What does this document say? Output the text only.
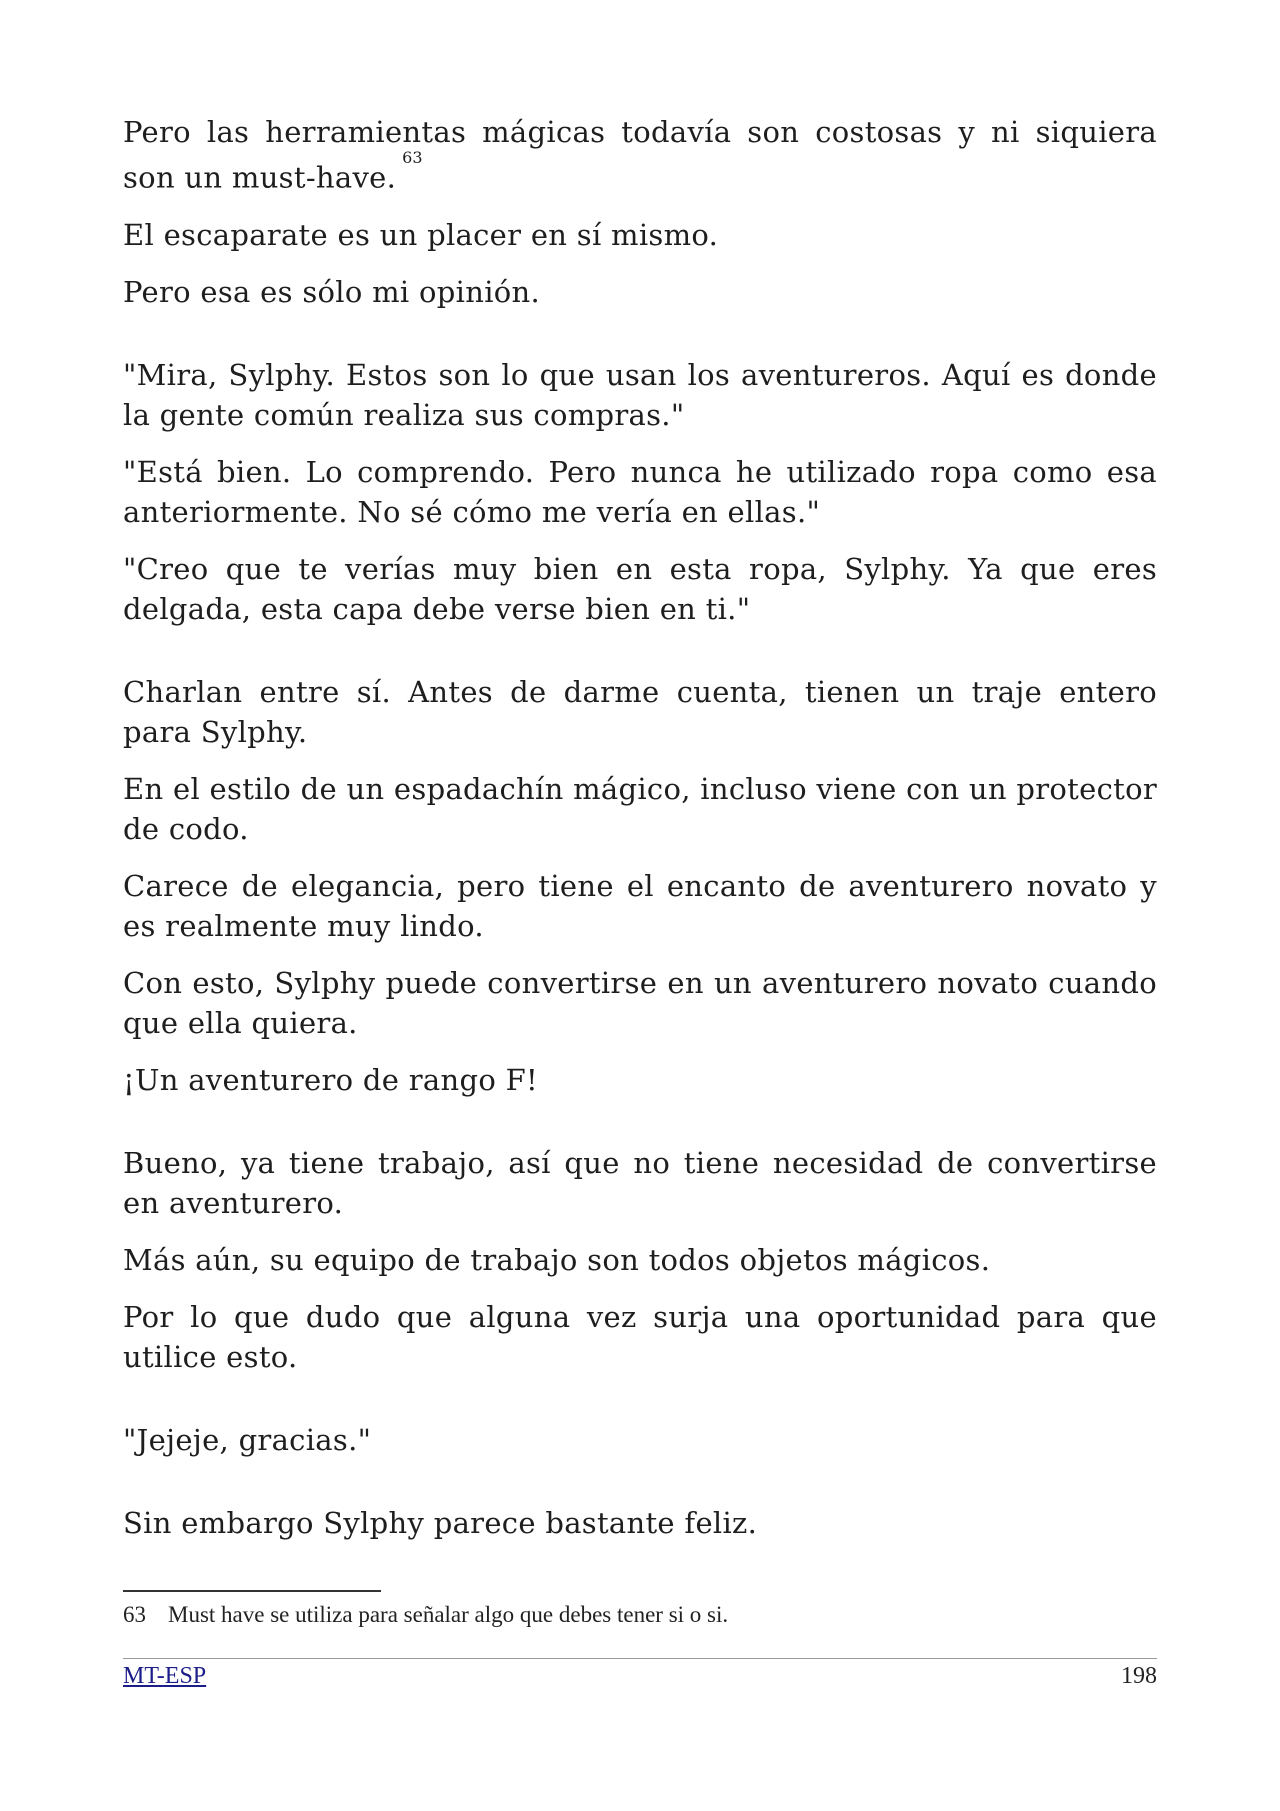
Pero las herramientas mágicas todavía son costosas y ni siquiera son un must-have.$^{63}$

El escaparate es un placer en sí mismo.

Pero esa es sólo mi opinión.

"Mira, Sylphy. Estos son lo que usan los aventureros. Aquí es donde la gente común realiza sus compras."

"Está bien. Lo comprendo. Pero nunca he utilizado ropa como esa anteriormente. No sé cómo me vería en ellas."

"Creo que te verías muy bien en esta ropa, Sylphy. Ya que eres delgada, esta capa debe verse bien en ti."

Charlan entre sí. Antes de darme cuenta, tienen un traje entero para Sylphy.

En el estilo de un espadachín mágico, incluso viene con un protector de codo.

Carece de elegancia, pero tiene el encanto de aventurero novato y es realmente muy lindo.

Con esto, Sylphy puede convertirse en un aventurero novato cuando que ella quiera.

¡Un aventurero de rango F!

Bueno, ya tiene trabajo, así que no tiene necesidad de convertirse en aventurero.

Más aún, su equipo de trabajo son todos objetos mágicos.

Por lo que dudo que alguna vez surja una oportunidad para que utilice esto.

"Jejeje, gracias."

Sin embargo Sylphy parece bastante feliz.

63 Must have se utiliza para señalar algo que debes tener si o si.
MT-ESP	198
